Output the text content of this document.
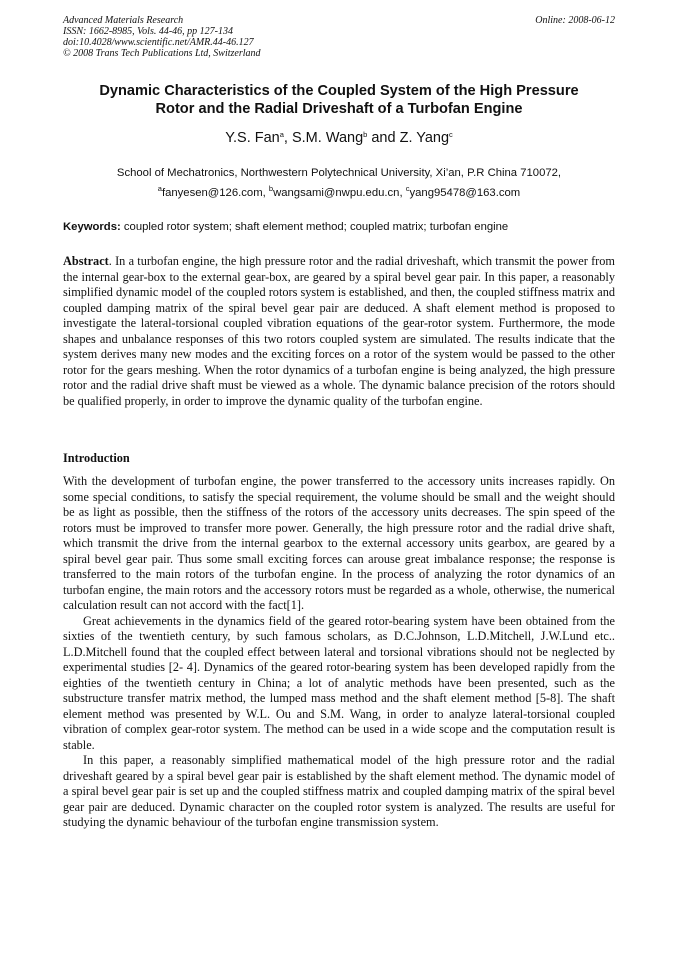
Advanced Materials Research
ISSN: 1662-8985, Vols. 44-46, pp 127-134
doi:10.4028/www.scientific.net/AMR.44-46.127
© 2008 Trans Tech Publications Ltd, Switzerland
Online: 2008-06-12
Dynamic Characteristics of the Coupled System of the High Pressure
Rotor and the Radial Driveshaft of a Turbofan Engine
Y.S. Fan$^a$, S.M. Wang$^b$ and Z. Yang$^c$
School of Mechatronics, Northwestern Polytechnical University, Xi’an, P.R China 710072,
$^a$fanyesen@126.com, $^b$wangsami@nwpu.edu.cn, $^c$yang95478@163.com
Keywords: coupled rotor system; shaft element method; coupled matrix; turbofan engine

Abstract. In a turbofan engine, the high pressure rotor and the radial driveshaft, which transmit the power from the internal gear-box to the external gear-box, are geared by a spiral bevel gear pair. In this paper, a reasonably simplified dynamic model of the coupled rotors system is established, and then, the coupled stiffness matrix and coupled damping matrix of the spiral bevel gear pair are deduced. A shaft element method is proposed to investigate the lateral-torsional coupled vibration equations of the gear-rotor system. Furthermore, the mode shapes and unbalance responses of this two rotors coupled system are simulated. The results indicate that the system derives many new modes and the exciting forces on a rotor of the system would be passed to the other rotor for the gears meshing. When the rotor dynamics of a turbofan engine is being analyzed, the high pressure rotor and the radial drive shaft must be viewed as a whole. The dynamic balance precision of the rotors should be qualified properly, in order to improve the dynamic quality of the turbofan engine.

Introduction

With the development of turbofan engine, the power transferred to the accessory units increases rapidly. On some special conditions, to satisfy the special requirement, the volume should be small and the weight should be as light as possible, then the stiffness of the rotors of the accessory units decreases. The spin speed of the rotors must be improved to transfer more power. Generally, the high pressure rotor and the radial drive shaft, which transmit the drive from the internal gearbox to the external accessory units gearbox, are geared by a spiral bevel gear pair. Thus some small exciting forces can arouse great imbalance response; the response is transferred to the main rotors of the turbofan engine. In the process of analyzing the rotor dynamics of an turbofan engine, the main rotors and the accessory rotors must be regarded as a whole, otherwise, the numerical calculation result can not accord with the fact[1].

Great achievements in the dynamics field of the geared rotor-bearing system have been obtained from the sixties of the twentieth century, by such famous scholars, as D.C.Johnson, L.D.Mitchell, J.W.Lund etc.. L.D.Mitchell found that the coupled effect between lateral and torsional vibrations should not be neglected by experimental studies [2- 4]. Dynamics of the geared rotor-bearing system has been developed rapidly from the eighties of the twentieth century in China; a lot of analytic methods have been presented, such as the substructure transfer matrix method, the lumped mass method and the shaft element method [5-8]. The shaft element method was presented by W.L. Ou and S.M. Wang, in order to analyze lateral-torsional coupled vibration of complex gear-rotor system. The method can be used in a wide scope and the computation result is stable.

In this paper, a reasonably simplified mathematical model of the high pressure rotor and the radial driveshaft geared by a spiral bevel gear pair is established by the shaft element method. The dynamic model of a spiral bevel gear pair is set up and the coupled stiffness matrix and coupled damping matrix of the spiral bevel gear pair are deduced. Dynamic character on the coupled rotor system is analyzed. The results are useful for studying the dynamic behaviour of the turbofan engine transmission system.
